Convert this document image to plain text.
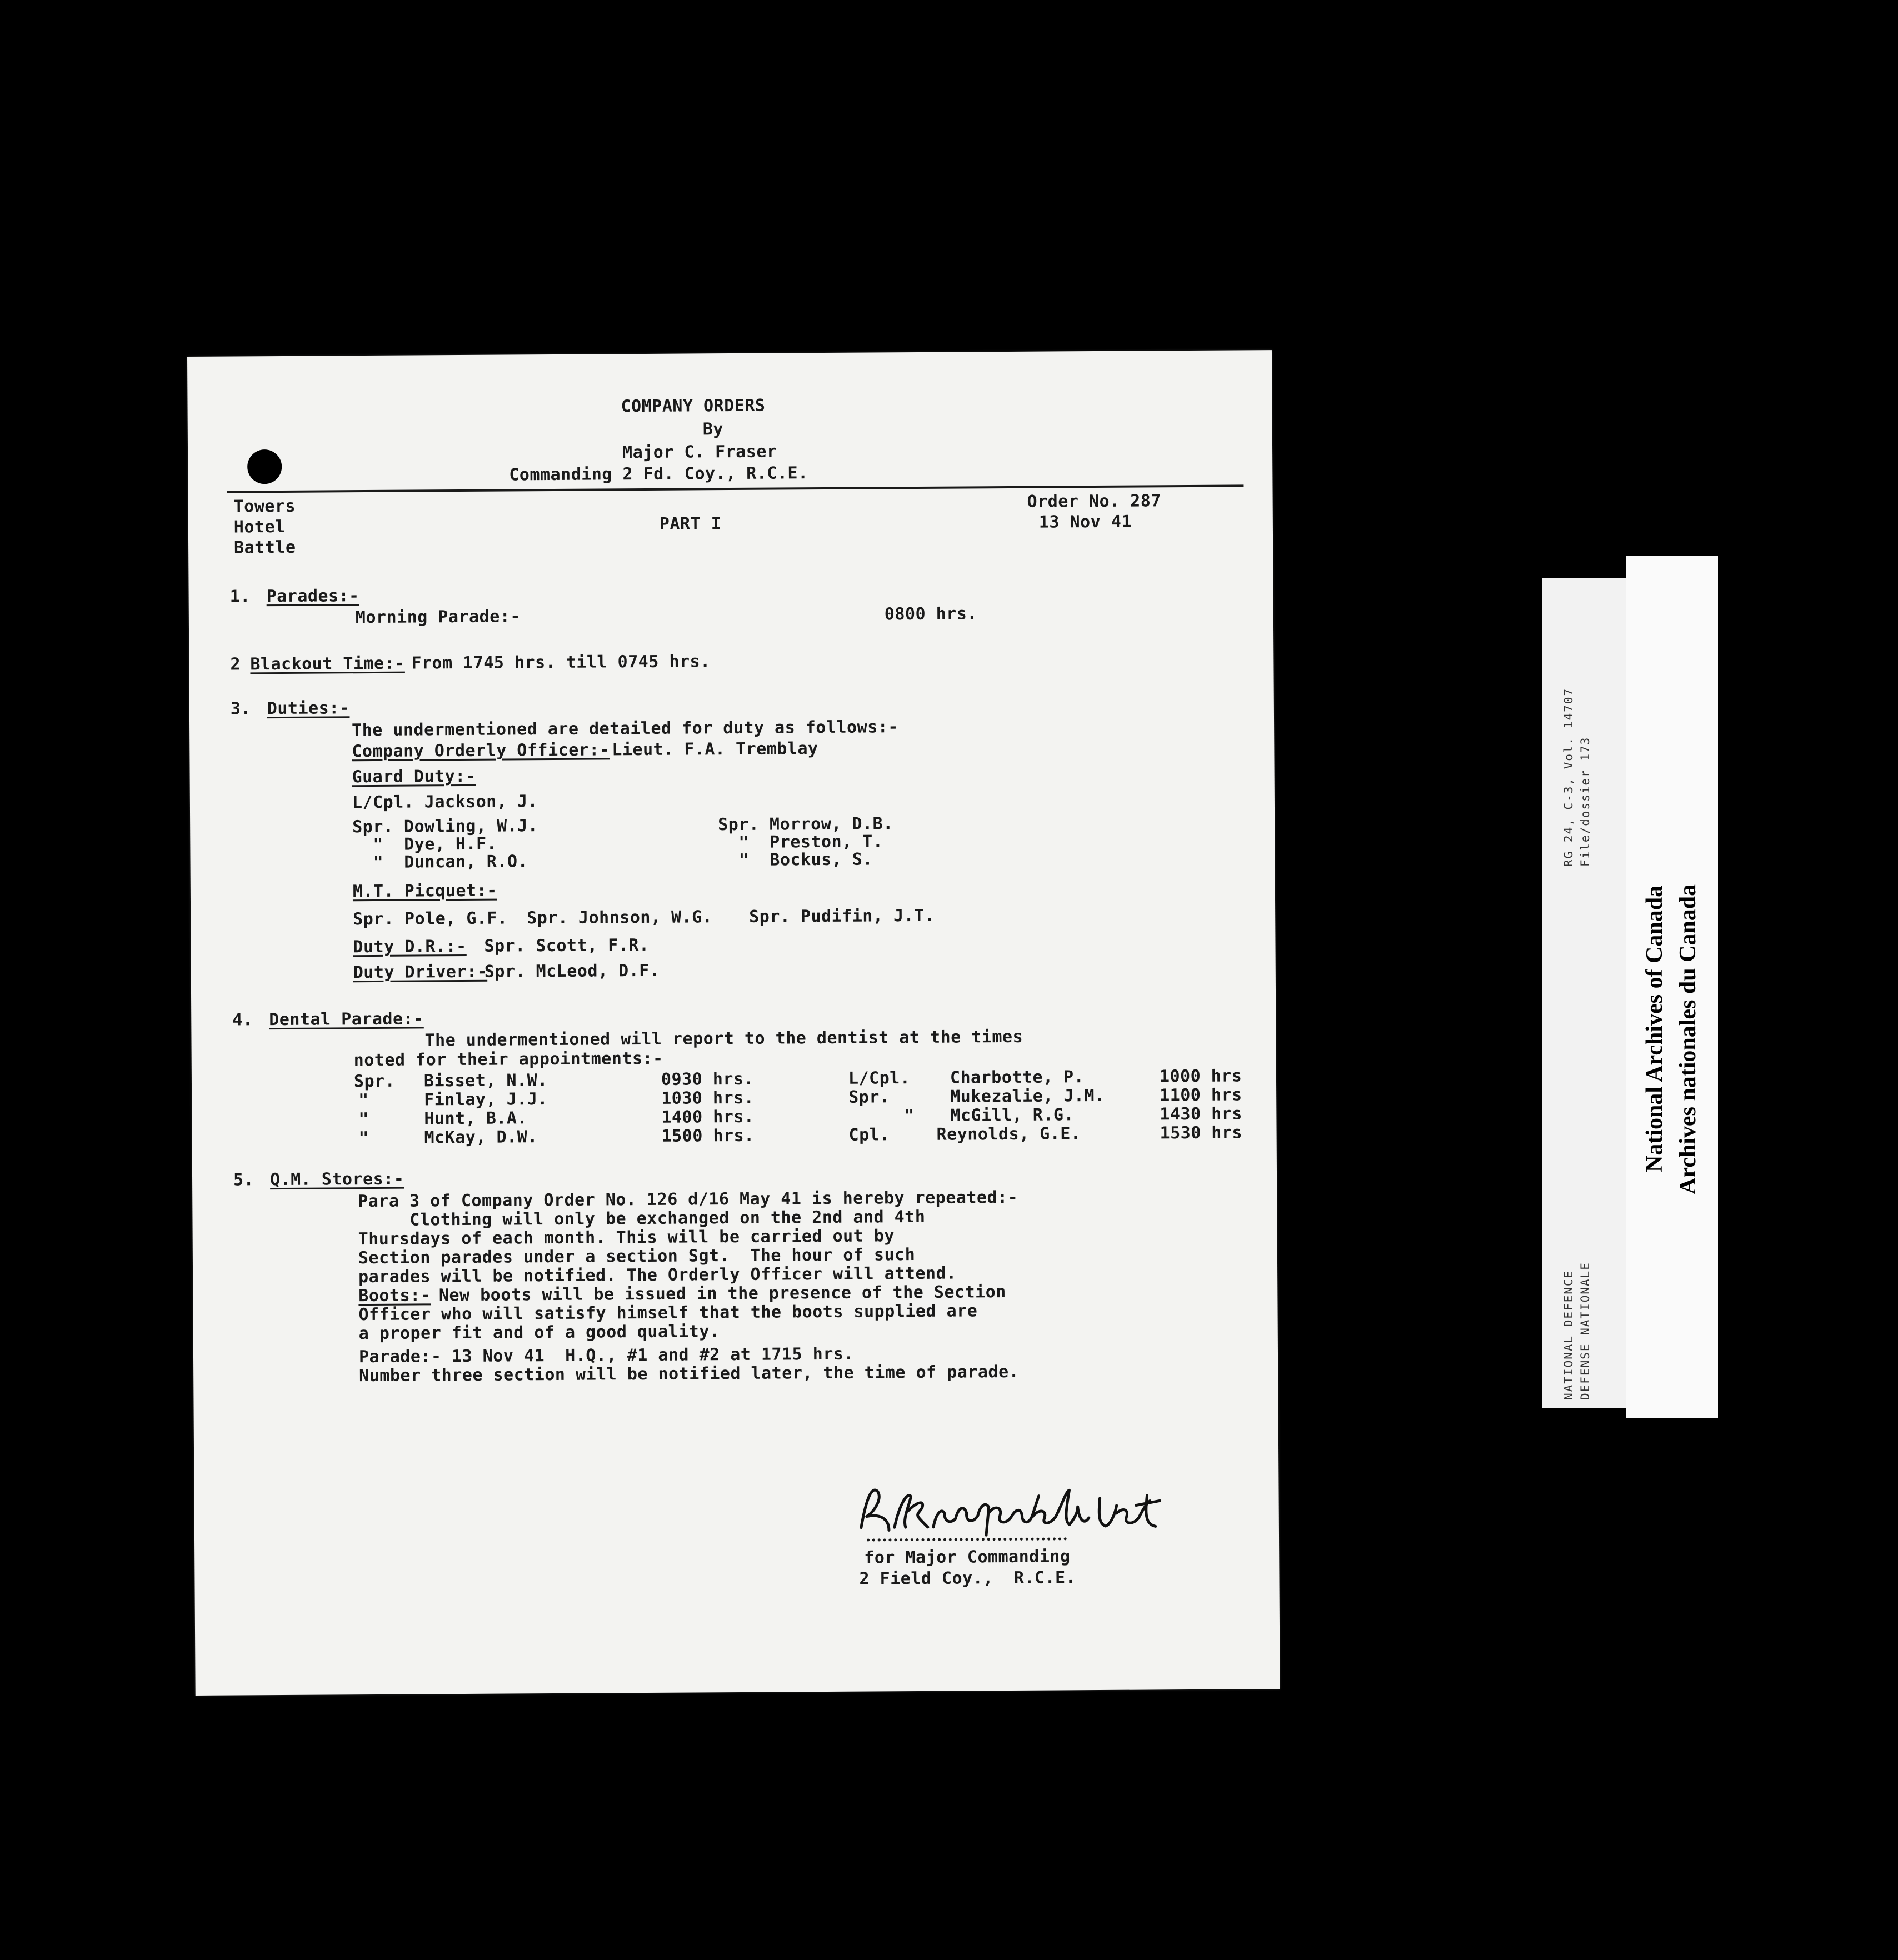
COMPANY ORDERS
By
Major C. Fraser
Commanding 2 Fd. Coy., R.C.E.
Towers
Hotel
Battle
PART I
Order No. 287
13 Nov 41
1. Parades:-
Morning Parade:-	0800 hrs.
2 Blackout Time:- From 1745 hrs. till 0745 hrs.
3. Duties:-
The undermentioned are detailed for duty as follows:-
Company Orderly Officer:- Lieut. F.A. Tremblay
Guard Duty:-
L/Cpl. Jackson, J.
Spr. Dowling, W.J.
"  Dye, H.F.
"  Duncan, R.O.
Spr. Morrow, D.B.
"  Preston, T.
"  Bockus, S.
M.T. Picquet:-
Spr. Pole, G.F. Spr. Johnson, W.G. Spr. Pudifin, J.T.
Duty D.R.:- Spr. Scott, F.R.
Duty Driver:-
Spr. McLeod, D.F.
4. Dental Parade:-
The undermentioned will report to the dentist at the times
noted for their appointments:-
Spr. Bisset, N.W.	0930 hrs.	L/Cpl. Charbotte, P.	1000 hrs
"	Finlay, J.J.	1030 hrs.	Spr.	Mukezalie, J.M.	1100 hrs
"	Hunt, B.A.	1400 hrs.	" McGill, R.G.	1430 hrs
"	McKay, D.W.	1500 hrs.	Cpl.	Reynolds, G.E.	1530 hrs
5. Q.M. Stores:-
Para 3 of Company Order No. 126 d/16 May 41 is hereby repeated:-
Clothing will only be exchanged on the 2nd and 4th
Thursdays of each month. This will be carried out by
Section parades under a section Sgt.  The hour of such
parades will be notified. The Orderly Officer will attend.
Boots:-
New boots will be issued in the presence of the Section
Officer who will satisfy himself that the boots supplied are
a proper fit and of a good quality.
Parade:- 13 Nov 41  H.Q., #1 and #2 at 1715 hrs.
Number three section will be notified later, the time of parade.
for Major Commanding
2 Field Coy.,  R.C.E.
RG 24, C-3, Vol. 14707 File/dossier 173
NATIONAL DEFENCE DEFENSE NATIONALE
National Archives of Canada Archives nationales du Canada
